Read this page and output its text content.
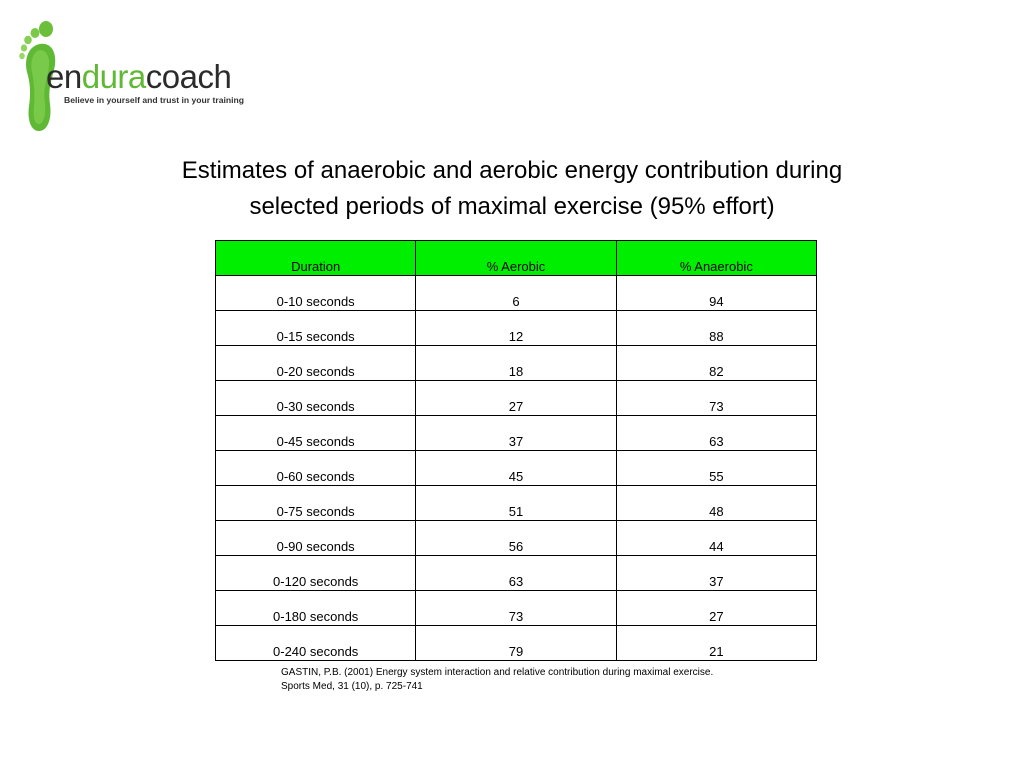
enduracoach
Believe in yourself and trust in your training
Estimates of anaerobic and aerobic energy contribution during
selected periods of maximal exercise (95% effort)
Duration	% Aerobic	% Anaerobic
0-10 seconds	6	94
0-15 seconds	12	88
0-20 seconds	18	82
0-30 seconds	27	73
0-45 seconds	37	63
0-60 seconds	45	55
0-75 seconds	51	48
0-90 seconds	56	44
0-120 seconds	63	37
0-180 seconds	73	27
0-240 seconds	79	21
GASTIN, P.B. (2001) Energy system interaction and relative contribution during maximal exercise.
Sports Med, 31 (10), p. 725-741
